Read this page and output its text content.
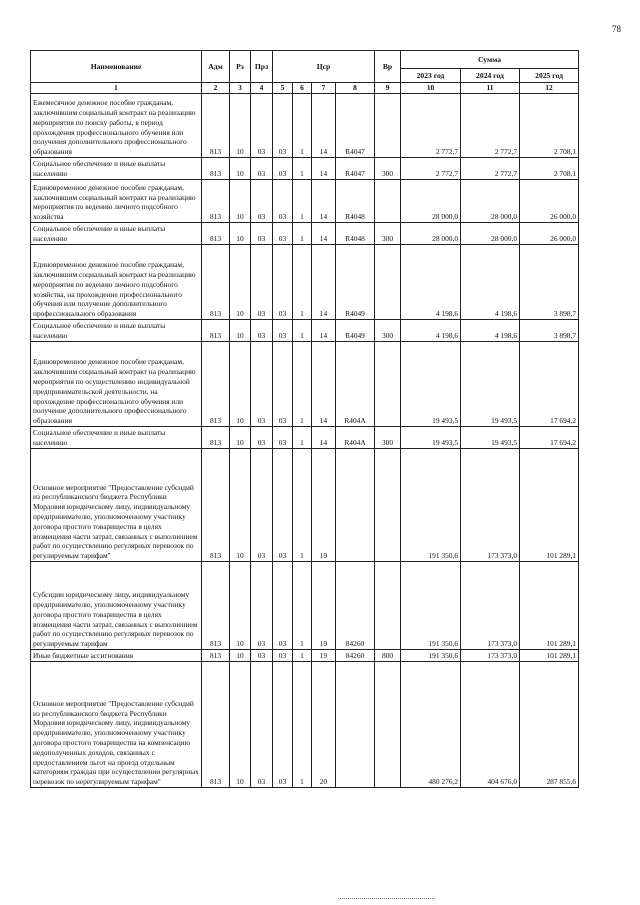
78
Наименование	Адм	Рз	Прз	Цср				Вр	Сумма		
									2023 год	2024 год	2025 год
1	2	3	4	5	6	7	8	9	10	11	12
Ежемесячное денежное пособие гражданам, заключившим социальный контракт на реализацию мероприятия по поиску работы, в период прохождения профессионального обучения или получения дополнительного профессионального образования	813	10	03	03	1	14	R4047		2 772,7	2 772,7	2 708,1
Социальное обеспечение и иные выплаты населению	813	10	03	03	1	14	R4047	300	2 772,7	2 772,7	2 708,1
Единовременное денежное пособие гражданам, заключившим социальный контракт на реализацию мероприятия по ведению личного подсобного хозяйства	813	10	03	03	1	14	R4048		28 000,0	28 000,0	26 000,0
Социальное обеспечение и иные выплаты населению	813	10	03	03	1	14	R4048	300	28 000,0	28 000,0	26 000,0
Единовременное денежное пособие гражданам, заключившим социальный контракт на реализацию мероприятия по ведению личного подсобного хозяйства, на прохождение профессионального обучения или получение дополнительного профессионального образования	813	10	03	03	1	14	R4049		4 198,6	4 198,6	3 898,7
Социальное обеспечение и иные выплаты населению	813	10	03	03	1	14	R4049	300	4 198,6	4 198,6	3 898,7
Единовременное денежное пособие гражданам, заключившим социальный контракт на реализацию мероприятия по осуществлению индивидуальной предпринимательской деятельности, на прохождение профессионального обучения или получение дополнительного профессионального образования	813	10	03	03	1	14	R404A		19 493,5	19 493,5	17 694,2
Социальное обеспечение и иные выплаты населению	813	10	03	03	1	14	R404A	300	19 493,5	19 493,5	17 694,2
Основное мероприятие "Предоставление субсидий из республиканского бюджета Республики Мордовия юридическому лицу, индивидуальному предпринимателю, уполномоченному участнику договора простого товарищества в целях возмещения части затрат, связанных с выполнением работ по осуществлению регулярных перевозок по регулируемым тарифам"	813	10	03	03	1	19			191 350,6	173 373,0	101 289,1
Субсидии юридическому лицу, индивидуальному предпринимателю, уполномоченному участнику договора простого товарищества в целях возмещения части затрат, связанных с выполнением работ по осуществлению регулярных перевозок по регулируемым тарифам	813	10	03	03	1	19	84260		191 350,6	173 373,0	101 289,1
Иные бюджетные ассигнования	813	10	03	03	1	19	84260	800	191 350,6	173 373,0	101 289,1
Основное мероприятие "Предоставление субсидий из республиканского бюджета Республики Мордовия юридическому лицу, индивидуальному предпринимателю, уполномоченному участнику договора простого товарищества на компенсацию недополученных доходов, связанных с предоставлением льгот на проезд отдельным категориям граждан при осуществлении регулярных перевозок по нерегулируемым тарифам"	813	10	03	03	1	20			480 276,2	404 676,0	287 855,6
